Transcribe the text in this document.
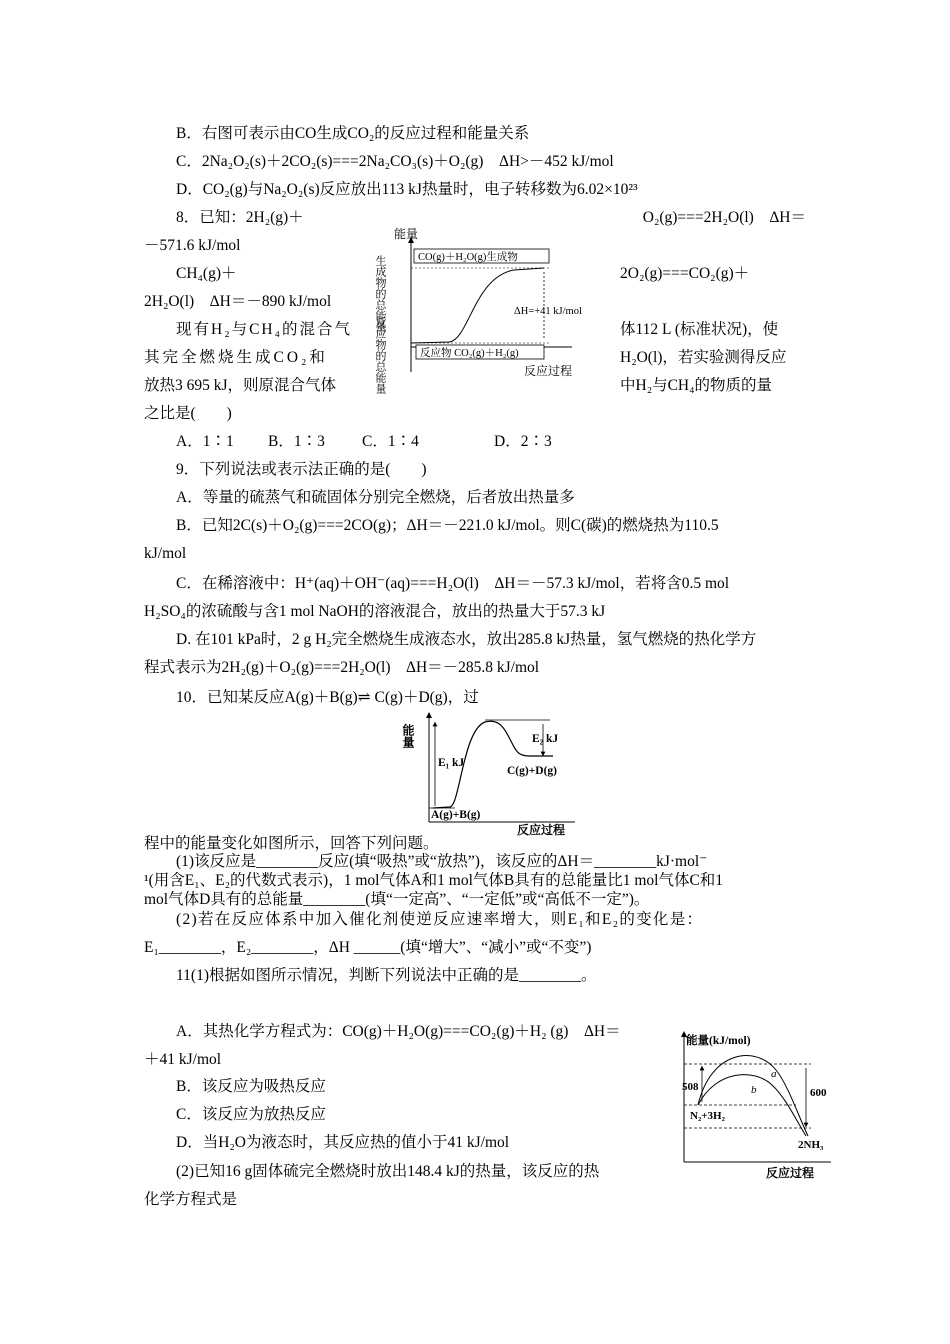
B．右图可表示由CO生成CO₂的反应过程和能量关系
C．2Na₂O₂(s)＋2CO₂(s)===2Na₂CO₃(s)＋O₂(g)　ΔH>－452 kJ/mol
D．CO₂(g)与Na₂O₂(s)反应放出113 kJ热量时，电子转移数为6.02×10²³
8．已知：2H₂(g)＋	O₂(g)===2H₂O(l)　ΔH＝
－571.6 kJ/mol
CH₄(g)＋	2O₂(g)===CO₂(g)＋
2H₂O(l)　ΔH＝－890 kJ/mol
现有H₂与CH₄的混合气	体112 L (标准状况)，使
其完全燃烧生成CO₂和	H₂O(l)，若实验测得反应
放热3 695 kJ，则原混合气体	中H₂与CH₄的物质的量
之比是(　　)
A．1∶1 B．1∶3 C．1∶4	D．2∶3
能量
生成物的总能量
反应物的总能量
CO(g)＋H₂O(g)生成物
ΔH=+41 kJ/mol
反应物 CO₂(g)＋H₂(g)
反应过程
9．下列说法或表示法正确的是(　　)
A．等量的硫蒸气和硫固体分别完全燃烧，后者放出热量多
B．已知2C(s)＋O₂(g)===2CO(g)；ΔH＝－221.0 kJ/mol。则C(碳)的燃烧热为110.5
kJ/mol
C．在稀溶液中：H⁺(aq)＋OH⁻(aq)===H₂O(l)　ΔH＝－57.3 kJ/mol，若将含0.5 mol
H₂SO₄的浓硫酸与含1 mol NaOH的溶液混合，放出的热量大于57.3 kJ
D. 在101 kPa时，2 g H₂完全燃烧生成液态水，放出285.8 kJ热量，氢气燃烧的热化学方
程式表示为2H₂(g)＋O₂(g)===2H₂O(l)　ΔH＝－285.8 kJ/mol
10．已知某反应A(g)＋B(g)⇌ C(g)＋D(g)，过
能量
E₁ kJ
E₂ kJ
C(g)+D(g)
A(g)+B(g)
反应过程
程中的能量变化如图所示，回答下列问题。
(1)该反应是________反应(填“吸热”或“放热”)，该反应的ΔH＝________kJ·mol⁻
¹(用含E₁、E₂的代数式表示)，1 mol气体A和1 mol气体B具有的总能量比1 mol气体C和1
mol气体D具有的总能量________(填“一定高”、“一定低”或“高低不一定”)。
(2)若在反应体系中加入催化剂使逆反应速率增大，则E₁和E₂的变化是：
E₁________，E₂________，ΔH ______(填“增大”、“减小”或“不变”)
11(1)根据如图所示情况，判断下列说法中正确的是________。
A．其热化学方程式为：CO(g)＋H₂O(g)===CO₂(g)＋H₂ (g)　ΔH＝
＋41 kJ/mol
B．该反应为吸热反应
C．该反应为放热反应
D．当H₂O为液态时，其反应热的值小于41 kJ/mol
(2)已知16 g固体硫完全燃烧时放出148.4 kJ的热量，该反应的热
化学方程式是
能量(kJ/mol)
508	600
a
b
N₂+3H₂
2NH₃
反应过程
